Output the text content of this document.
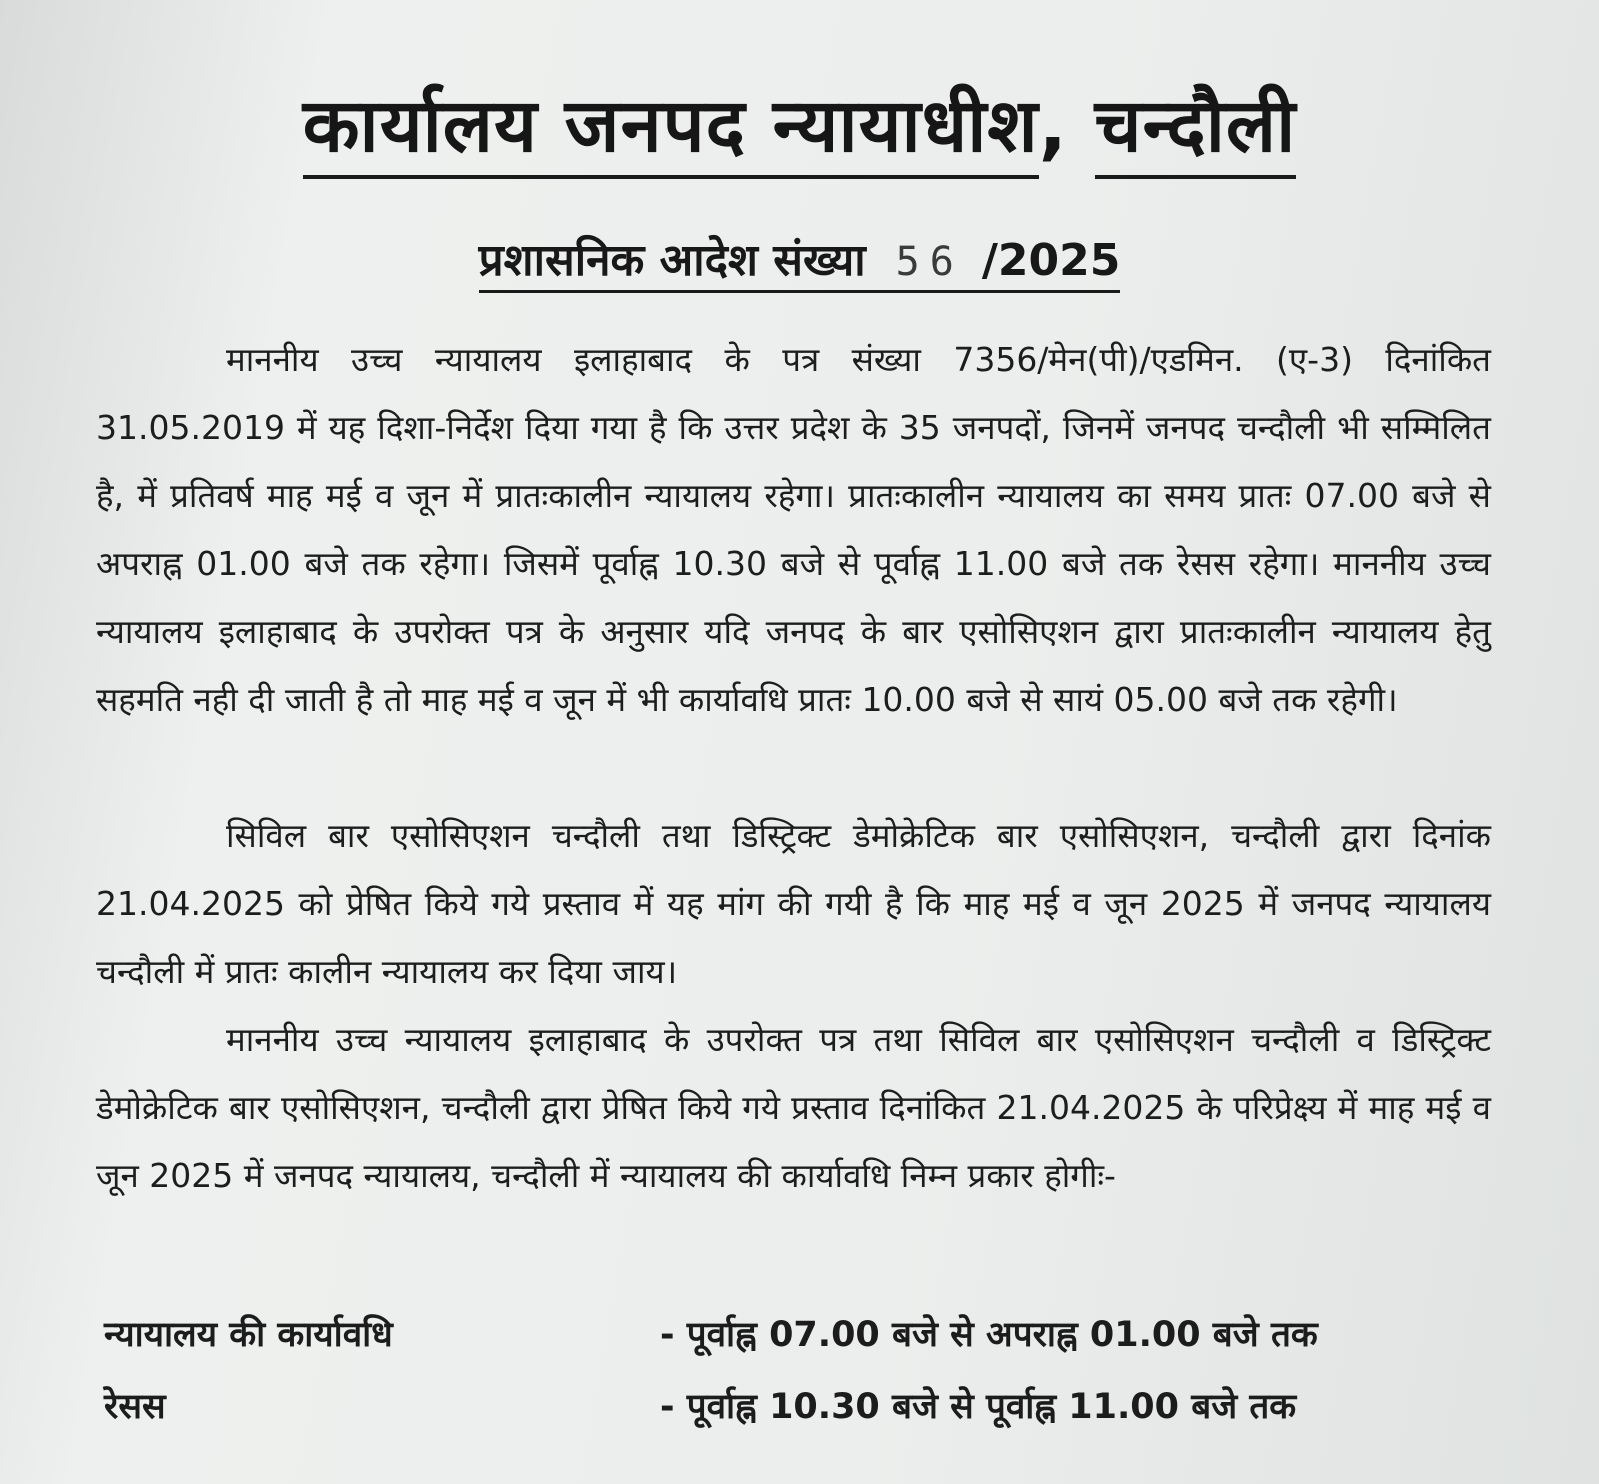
कार्यालय जनपद न्यायाधीश, चन्दौली
प्रशासनिक आदेश संख्या 56 /2025
माननीय उच्च न्यायालय इलाहाबाद के पत्र संख्या 7356/मेन(पी)/एडमिन. (ए-3) दिनांकित 31.05.2019 में यह दिशा-निर्देश दिया गया है कि उत्तर प्रदेश के 35 जनपदों, जिनमें जनपद चन्दौली भी सम्मिलित है, में प्रतिवर्ष माह मई व जून में प्रातःकालीन न्यायालय रहेगा। प्रातःकालीन न्यायालय का समय प्रातः 07.00 बजे से अपराह्न 01.00 बजे तक रहेगा। जिसमें पूर्वाह्न 10.30 बजे से पूर्वाह्न 11.00 बजे तक रेसस रहेगा। माननीय उच्च न्यायालय इलाहाबाद के उपरोक्त पत्र के अनुसार यदि जनपद के बार एसोसिएशन द्वारा प्रातःकालीन न्यायालय हेतु सहमति नही दी जाती है तो माह मई व जून में भी कार्यावधि प्रातः 10.00 बजे से सायं 05.00 बजे तक रहेगी।
सिविल बार एसोसिएशन चन्दौली तथा डिस्ट्रिक्ट डेमोक्रेटिक बार एसोसिएशन, चन्दौली द्वारा दिनांक 21.04.2025 को प्रेषित किये गये प्रस्ताव में यह मांग की गयी है कि माह मई व जून 2025 में जनपद न्यायालय चन्दौली में प्रातः कालीन न्यायालय कर दिया जाय।
माननीय उच्च न्यायालय इलाहाबाद के उपरोक्त पत्र तथा सिविल बार एसोसिएशन चन्दौली व डिस्ट्रिक्ट डेमोक्रेटिक बार एसोसिएशन, चन्दौली द्वारा प्रेषित किये गये प्रस्ताव दिनांकित 21.04.2025 के परिप्रेक्ष्य में माह मई व जून 2025 में जनपद न्यायालय, चन्दौली में न्यायालय की कार्यावधि निम्न प्रकार होगीः-
न्यायालय की कार्यावधि	- पूर्वाह्न 07.00 बजे से अपराह्न 01.00 बजे तक
रेसस	- पूर्वाह्न 10.30 बजे से पूर्वाह्न 11.00 बजे तक
